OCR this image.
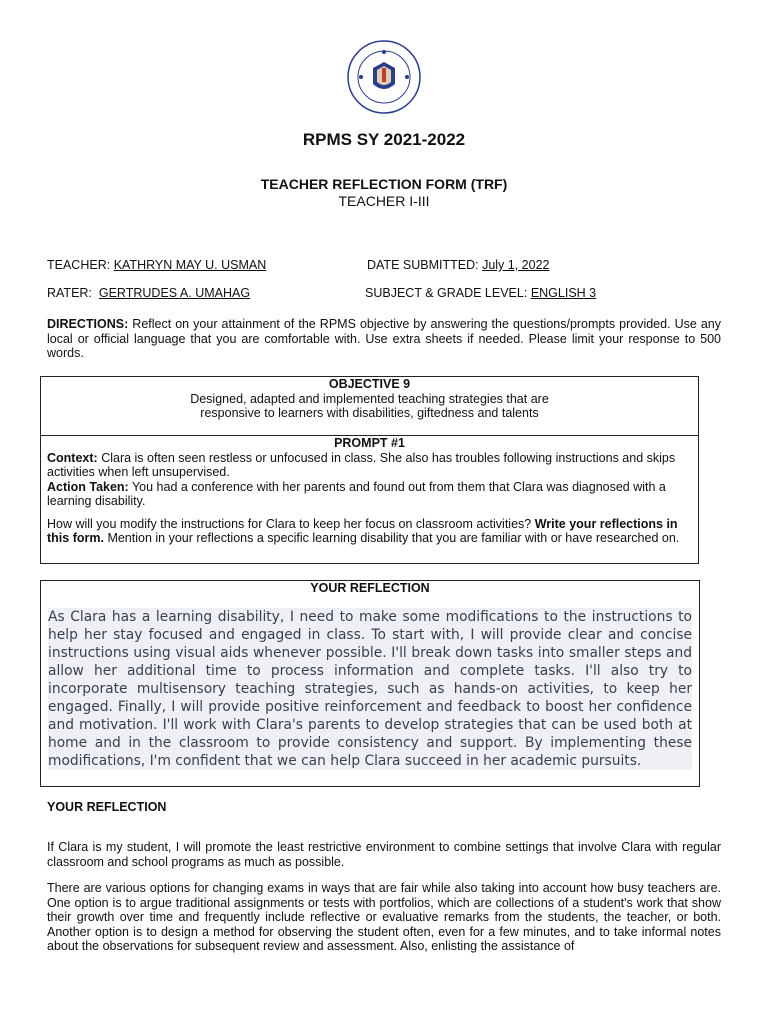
RPMS SY 2021-2022
TEACHER REFLECTION FORM (TRF)
TEACHER I-III
TEACHER: KATHRYN MAY U. USMAN	DATE SUBMITTED: July 1, 2022
RATER: GERTRUDES A. UMAHAG	SUBJECT & GRADE LEVEL: ENGLISH 3
DIRECTIONS: Reflect on your attainment of the RPMS objective by answering the questions/prompts provided. Use any local or official language that you are comfortable with. Use extra sheets if needed. Please limit your response to 500 words.
OBJECTIVE 9
Designed, adapted and implemented teaching strategies that are
responsive to learners with disabilities, giftedness and talents
PROMPT #1
Context: Clara is often seen restless or unfocused in class. She also has troubles following instructions and skips activities when left unsupervised.
Action Taken: You had a conference with her parents and found out from them that Clara was diagnosed with a learning disability.
How will you modify the instructions for Clara to keep her focus on classroom activities? Write your reflections in this form. Mention in your reflections a specific learning disability that you are familiar with or have researched on.
YOUR REFLECTION
As Clara has a learning disability, I need to make some modifications to the instructions to help her stay focused and engaged in class. To start with, I will provide clear and concise instructions using visual aids whenever possible. I'll break down tasks into smaller steps and allow her additional time to process information and complete tasks. I'll also try to incorporate multisensory teaching strategies, such as hands-on activities, to keep her engaged. Finally, I will provide positive reinforcement and feedback to boost her confidence and motivation. I'll work with Clara's parents to develop strategies that can be used both at home and in the classroom to provide consistency and support. By implementing these modifications, I'm confident that we can help Clara succeed in her academic pursuits.
YOUR REFLECTION
If Clara is my student, I will promote the least restrictive environment to combine settings that involve Clara with regular classroom and school programs as much as possible.
There are various options for changing exams in ways that are fair while also taking into account how busy teachers are. One option is to argue traditional assignments or tests with portfolios, which are collections of a student's work that show their growth over time and frequently include reflective or evaluative remarks from the students, the teacher, or both. Another option is to design a method for observing the student often, even for a few minutes, and to take informal notes about the observations for subsequent review and assessment. Also, enlisting the assistance of
